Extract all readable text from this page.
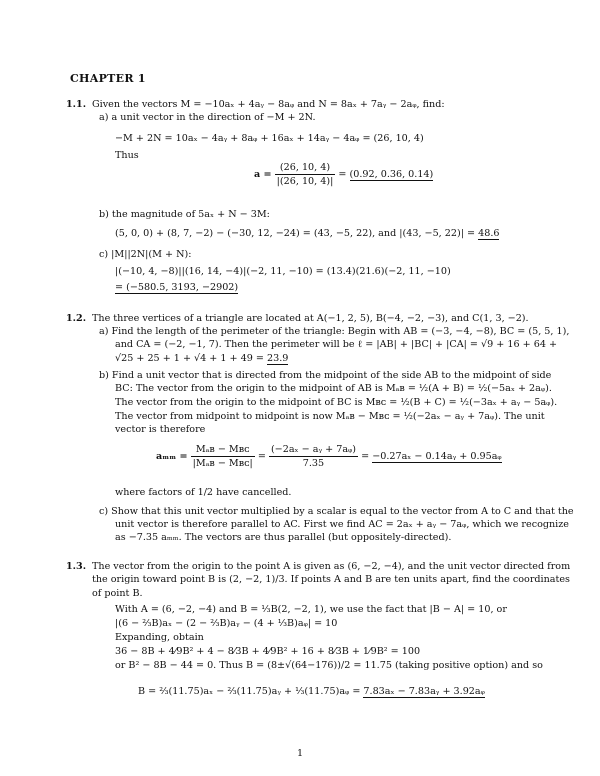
CHAPTER 1
1.1. Given the vectors M = −10aₓ + 4aᵧ − 8aᵩ and N = 8aₓ + 7aᵧ − 2aᵩ, find:
a) a unit vector in the direction of −M + 2N.
−M + 2N = 10aₓ − 4aᵧ + 8aᵩ + 16aₓ + 14aᵧ − 4aᵩ = (26, 10, 4)
Thus
$a = \frac{(26, 10, 4)}{|(26, 10, 4)|} = (0.92$, 0.36, 0.14)
b) the magnitude of 5aₓ + N − 3M:
(5, 0, 0) + (8, 7, −2) − (−30, 12, −24) = (43, −5, 22), and |(43, −5, 22)| = 48.6
c) |M||2N|(M + N):
|(−10, 4, −8)||(16, 14, −4)|(−2, 11, −10) = (13.4)(21.6)(−2, 11, −10)
= (−580.5, 3193, −2902)
1.2. The three vertices of a triangle are located at A(−1, 2, 5), B(−4, −2, −3), and C(1, 3, −2).
a) Find the length of the perimeter of the triangle: Begin with AB = (−3, −4, −8), BC = (5, 5, 1),
and CA = (−2, −1, 7). Then the perimeter will be ℓ = |AB| + |BC| + |CA| = √9 + 16 + 64 +
√25 + 25 + 1 + √4 + 1 + 49 = 23.9
b) Find a unit vector that is directed from the midpoint of the side AB to the midpoint of side
BC: The vector from the origin to the midpoint of AB is Mₐʙ = ½(A + B) = ½(−5aₓ + 2aᵩ).
The vector from the origin to the midpoint of BC is Mʙᴄ = ½(B + C) = ½(−3aₓ + aᵧ − 5aᵩ).
The vector from midpoint to midpoint is now Mₐʙ − Mʙᴄ = ½(−2aₓ − aᵧ + 7aᵩ). The unit
vector is therefore
$a_{mm} = \frac{\text{Mₐʙ − Mʙᴄ}}{\text{|Mₐʙ − Mʙᴄ|}} = \frac{\text{(−2aₓ − aᵧ + 7aᵩ)}}{7.35} = -0.27a_x$ − 0.14aᵧ + 0.95aᵩ
where factors of 1/2 have cancelled.
c) Show that this unit vector multiplied by a scalar is equal to the vector from A to C and that the
unit vector is therefore parallel to AC. First we find AC = 2aₓ + aᵧ − 7aᵩ, which we recognize
as −7.35 aₘₘ. The vectors are thus parallel (but oppositely-directed).
1.3. The vector from the origin to the point A is given as (6, −2, −4), and the unit vector directed from
the origin toward point B is (2, −2, 1)/3. If points A and B are ten units apart, find the coordinates
of point B.
With A = (6, −2, −4) and B = ⅓B(2, −2, 1), we use the fact that |B − A| = 10, or
|(6 − ⅔B)aₓ − (2 − ⅔B)aᵧ − (4 + ⅓B)aᵩ| = 10
Expanding, obtain
36 − 8B + 4⁄9B² + 4 − 8⁄3B + 4⁄9B² + 16 + 8⁄3B + 1⁄9B² = 100
or B² − 8B − 44 = 0. Thus B = (8±√(64−176))/2 = 11.75 (taking positive option) and so
B = ⅔(11.75)aₓ − ⅔(11.75)aᵧ + ⅓(11.75)aᵩ = 7.83aₓ − 7.83aᵧ + 3.92aᵩ
1
